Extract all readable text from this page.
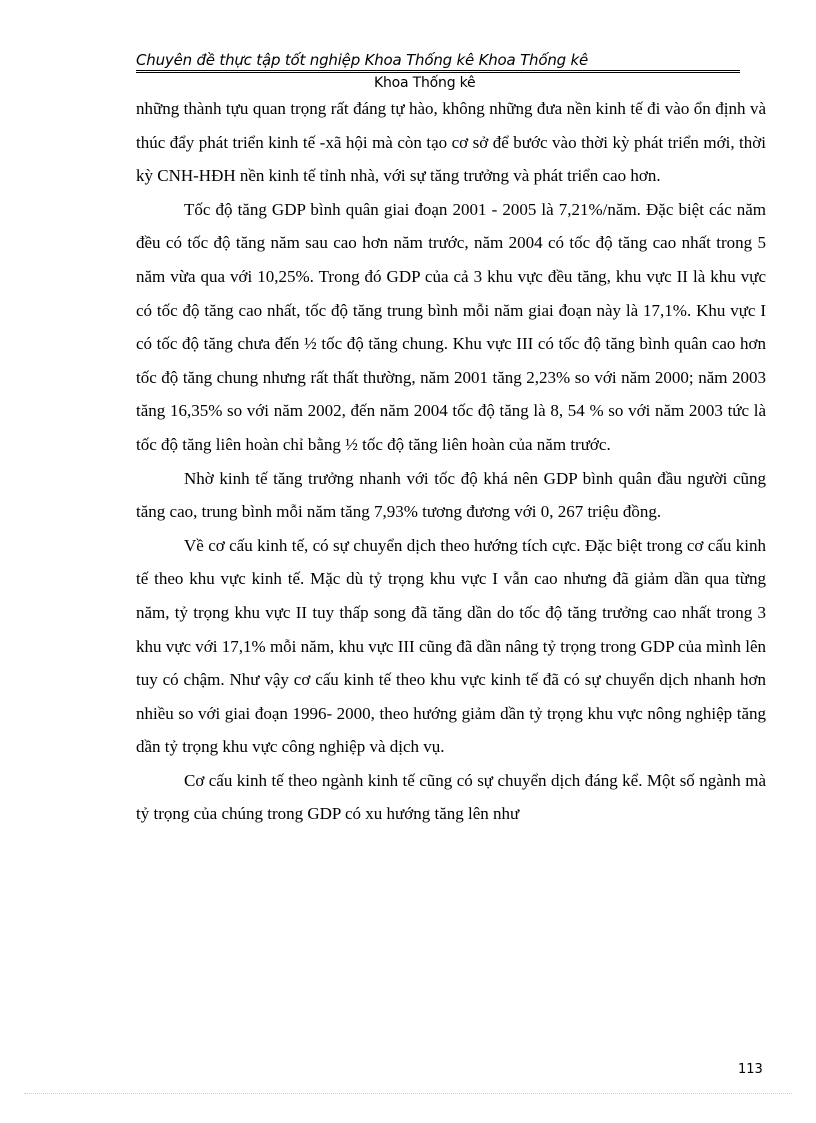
Chuyên đề thực tập tốt nghiệp Khoa Thống kê Khoa Thống kê
Khoa Thống kê

những thành tựu quan trọng rất đáng tự hào, không những đưa nền kinh tế đi vào ổn định và thúc đẩy phát triển kinh tế -xã hội mà còn tạo cơ sở để bước vào thời kỳ phát triển mới, thời kỳ CNH-HĐH nền kinh tế tỉnh nhà, với sự tăng trưởng và phát triển cao hơn.

Tốc độ tăng GDP bình quân giai đoạn 2001 - 2005 là 7,21%/năm. Đặc biệt các năm đều có tốc độ tăng năm sau cao hơn năm trước, năm 2004 có tốc độ tăng cao nhất trong 5 năm vừa qua với 10,25%. Trong đó GDP của cả 3 khu vực đều tăng, khu vực II là khu vực có tốc độ tăng cao nhất, tốc độ tăng trung bình mỗi năm giai đoạn này là 17,1%. Khu vực I có tốc độ tăng chưa đến ½ tốc độ tăng chung. Khu vực III có tốc độ tăng bình quân cao hơn tốc độ tăng chung nhưng rất thất thường, năm 2001 tăng 2,23% so với năm 2000; năm 2003 tăng 16,35% so với năm 2002, đến năm 2004 tốc độ tăng là 8, 54 % so với năm 2003 tức là tốc độ tăng liên hoàn chỉ bằng ½ tốc độ tăng liên hoàn của năm trước.

Nhờ kinh tế tăng trưởng nhanh với tốc độ khá nên GDP bình quân đầu người cũng tăng cao, trung bình mỗi năm tăng 7,93% tương đương với 0, 267 triệu đồng.

Về cơ cấu kinh tế, có sự chuyển dịch theo hướng tích cực. Đặc biệt trong cơ cấu kinh tế theo khu vực kinh tế. Mặc dù tỷ trọng khu vực I vẫn cao nhưng đã giảm dần qua từng năm, tỷ trọng khu vực II tuy thấp song đã tăng dần do tốc độ tăng trưởng cao nhất trong 3 khu vực với 17,1% mỗi năm, khu vực III cũng đã dần nâng tỷ trọng trong GDP của mình lên tuy có chậm. Như vậy cơ cấu kinh tế theo khu vực kinh tế đã có sự chuyển dịch nhanh hơn nhiều so với giai đoạn 1996- 2000, theo hướng giảm dần tỷ trọng khu vực nông nghiệp tăng dần tỷ trọng khu vực công nghiệp và dịch vụ.

Cơ cấu kinh tế theo ngành kinh tế cũng có sự chuyển dịch đáng kể. Một số ngành mà tỷ trọng của chúng trong GDP có xu hướng tăng lên như

113
